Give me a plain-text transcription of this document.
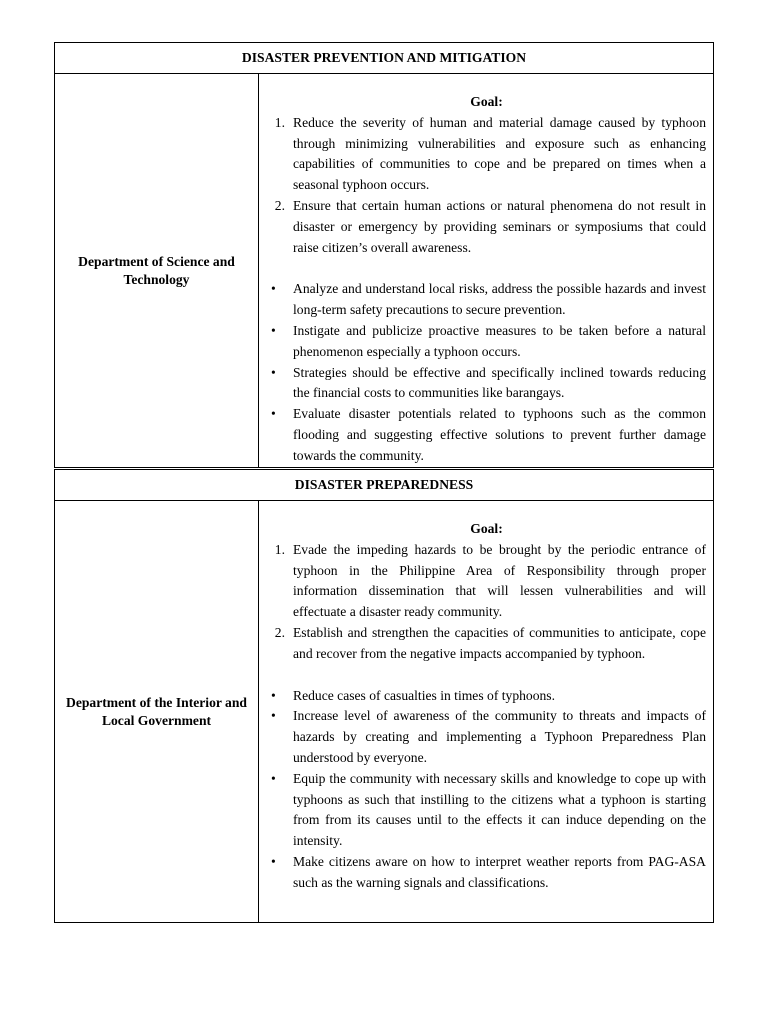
DISASTER PREVENTION AND MITIGATION
Department of Science and Technology
Goal:
1. Reduce the severity of human and material damage caused by typhoon through minimizing vulnerabilities and exposure such as enhancing capabilities of communities to cope and be prepared on times when a seasonal typhoon occurs.
2. Ensure that certain human actions or natural phenomena do not result in disaster or emergency by providing seminars or symposiums that could raise citizen’s overall awareness.
•	Analyze and understand local risks, address the possible hazards and invest long-term safety precautions to secure prevention.
•	Instigate and publicize proactive measures to be taken before a natural phenomenon especially a typhoon occurs.
•	Strategies should be effective and specifically inclined towards reducing the financial costs to communities like barangays.
•	Evaluate disaster potentials related to typhoons such as the common flooding and suggesting effective solutions to prevent further damage towards the community.
DISASTER PREPAREDNESS
Department of the Interior and Local Government
Goal:
1. Evade the impeding hazards to be brought by the periodic entrance of typhoon in the Philippine Area of Responsibility through proper information dissemination that will lessen vulnerabilities and will effectuate a disaster ready community.
2. Establish and strengthen the capacities of communities to anticipate, cope and recover from the negative impacts accompanied by typhoon.
•	Reduce cases of casualties in times of typhoons.
•	Increase level of awareness of the community to threats and impacts of hazards by creating and implementing a Typhoon Preparedness Plan understood by everyone.
•	Equip the community with necessary skills and knowledge to cope up with typhoons as such that instilling to the citizens what a typhoon is starting from from its causes until to the effects it can induce depending on the intensity.
•	Make citizens aware on how to interpret weather reports from PAG-ASA such as the warning signals and classifications.
